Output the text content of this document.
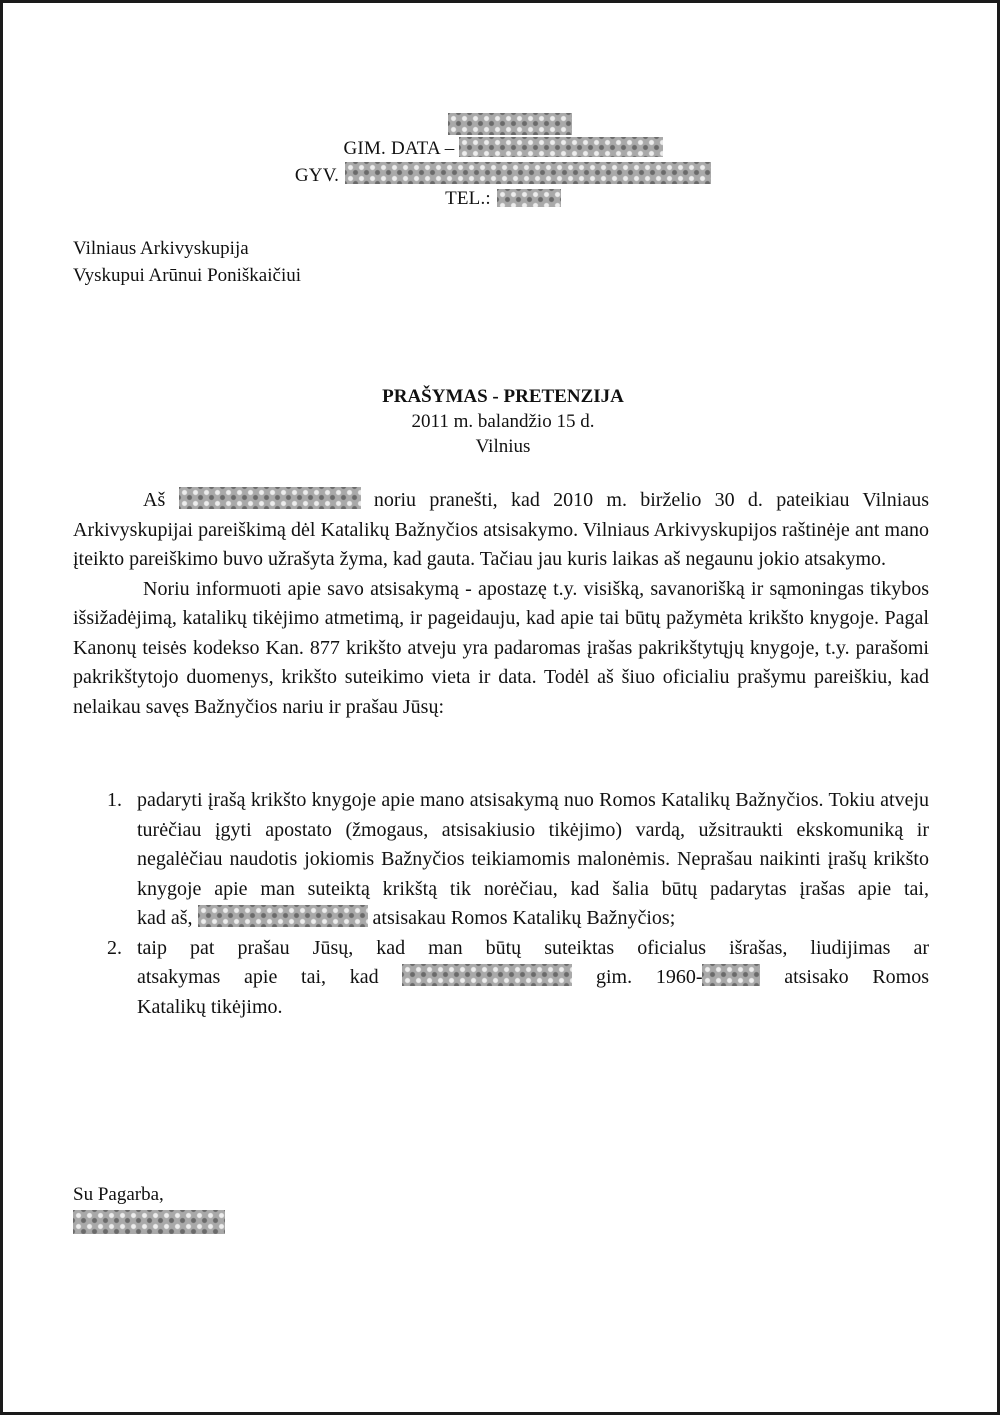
GIM. DATA –
GYV.
TEL.:
Vilniaus Arkivyskupija
Vyskupui Arūnui Poniškaičiui
PRAŠYMAS - PRETENZIJA
2011 m. balandžio 15 d.
Vilnius

Aš	noriu pranešti, kad 2010 m. birželio 30 d. pateikiau Vilniaus Arkivyskupijai pareiškimą dėl Katalikų Bažnyčios atsisakymo. Vilniaus Arkivyskupijos raštinėje ant mano įteikto pareiškimo buvo užrašyta žyma, kad gauta. Tačiau jau kuris laikas aš negaunu jokio atsakymo.

Noriu informuoti apie savo atsisakymą - apostazę t.y. visišką, savanorišką ir sąmoningas tikybos išsižadėjimą, katalikų tikėjimo atmetimą, ir pageidauju, kad apie tai būtų pažymėta krikšto knygoje. Pagal Kanonų teisės kodekso Kan. 877 krikšto atveju yra padaromas įrašas pakrikštytųjų knygoje, t.y. parašomi pakrikštytojo duomenys, krikšto suteikimo vieta ir data. Todėl aš šiuo oficialiu prašymu pareiškiu, kad nelaikau savęs Bažnyčios nariu ir prašau Jūsų:

1. padaryti įrašą krikšto knygoje apie mano atsisakymą nuo Romos Katalikų Bažnyčios. Tokiu atveju turėčiau įgyti apostato (žmogaus, atsisakiusio tikėjimo) vardą, užsitraukti ekskomuniką ir negalėčiau naudotis jokiomis Bažnyčios teikiamomis malonėmis. Neprašau naikinti įrašų krikšto knygoje apie man suteiktą krikštą tik norėčiau, kad šalia būtų padarytas įrašas apie tai,
kad aš,	atsisakau Romos Katalikų Bažnyčios;
2. taip pat prašau Jūsų, kad man būtų suteiktas oficialus išrašas, liudijimas ar
atsakymas apie tai, kad	gim. 1960-	atsisako Romos
Katalikų tikėjimo.
Su Pagarba,
